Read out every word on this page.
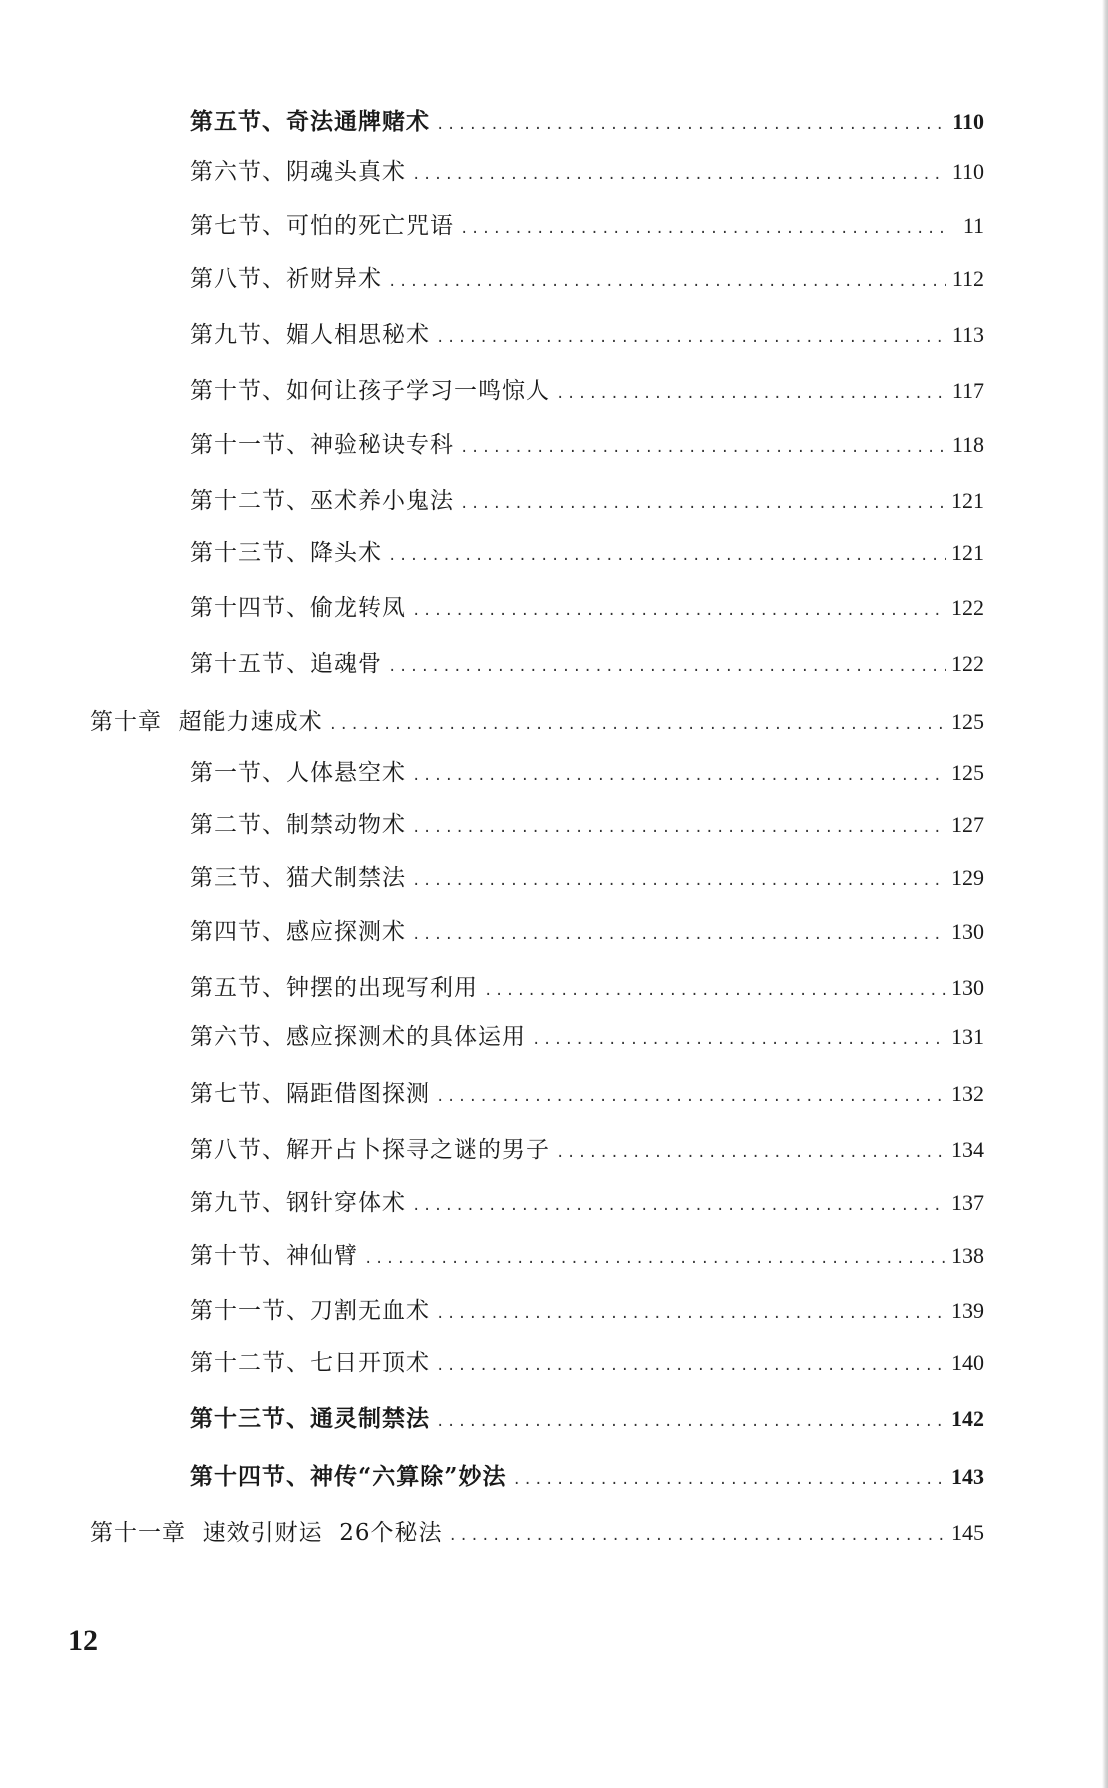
第五节、奇法通牌赌术 . . .	110
第六节、阴魂头真术 . . .	110
第七节、可怕的死亡咒语 . . .	11
第八节、祈财异术 . . .	112
第九节、媚人相思秘术 . . .	113
第十节、如何让孩子学习一鸣惊人 . . .	117
第十一节、神验秘诀专科 . . .	118
第十二节、巫术养小鬼法 . . .	121
第十三节、降头术 . . .	121
第十四节、偷龙转凤 . . .	122
第十五节、追魂骨 . . .	122
第十章  超能力速成术 . . .	125
第一节、人体悬空术 . . .	125
第二节、制禁动物术 . . .	127
第三节、猫犬制禁法 . . .	129
第四节、感应探测术 . . .	130
第五节、钟摆的出现写利用 . . .	130
第六节、感应探测术的具体运用 . . .	131
第七节、隔距借图探测 . . .	132
第八节、解开占卜探寻之谜的男子 . . .	134
第九节、钢针穿体术 . . .	137
第十节、神仙臂 . . .	138
第十一节、刀割无血术 . . .	139
第十二节、七日开顶术 . . .	140
第十三节、通灵制禁法 . . .	142
第十四节、神传“六算除”妙法 . . .	143
第十一章  速效引财运  26个秘法 . . .	145
12
